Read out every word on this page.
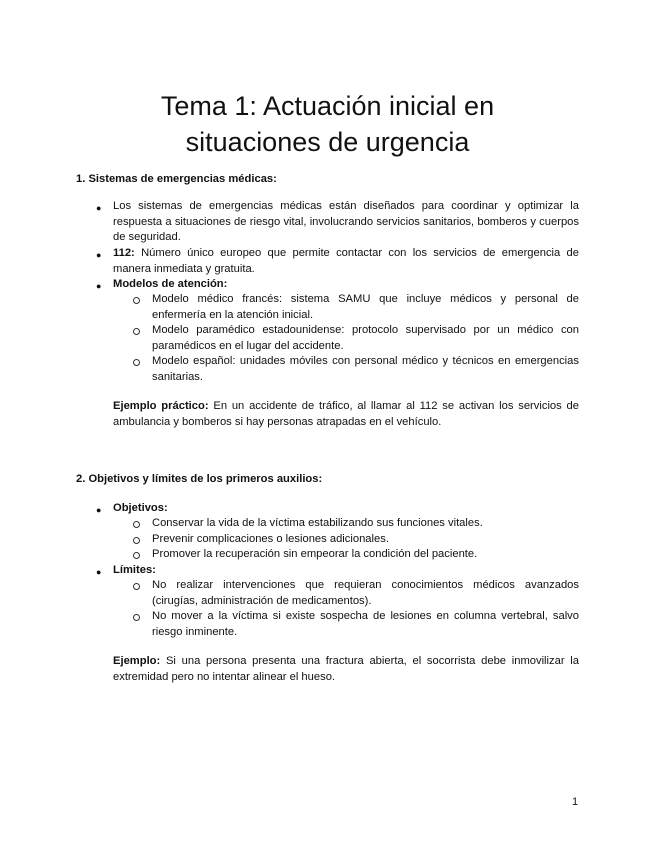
Tema 1: Actuación inicial en
situaciones de urgencia

1. Sistemas de emergencias médicas:

● Los sistemas de emergencias médicas están diseñados para coordinar y optimizar la respuesta a situaciones de riesgo vital, involucrando servicios sanitarios, bomberos y cuerpos de seguridad.
● 112: Número único europeo que permite contactar con los servicios de emergencia de manera inmediata y gratuita.
● Modelos de atención:
Modelo médico francés: sistema SAMU que incluye médicos y personal de enfermería en la atención inicial.
Modelo paramédico estadounidense: protocolo supervisado por un médico con paramédicos en el lugar del accidente.
Modelo español: unidades móviles con personal médico y técnicos en emergencias sanitarias.
Ejemplo práctico: En un accidente de tráfico, al llamar al 112 se activan los servicios de ambulancia y bomberos si hay personas atrapadas en el vehículo.

2. Objetivos y límites de los primeros auxilios:

● Objetivos:
Conservar la vida de la víctima estabilizando sus funciones vitales.
Prevenir complicaciones o lesiones adicionales.
Promover la recuperación sin empeorar la condición del paciente.
● Límites:
No realizar intervenciones que requieran conocimientos médicos avanzados (cirugías, administración de medicamentos).
No mover a la víctima si existe sospecha de lesiones en columna vertebral, salvo riesgo inminente.
Ejemplo: Si una persona presenta una fractura abierta, el socorrista debe inmovilizar la extremidad pero no intentar alinear el hueso.
1
